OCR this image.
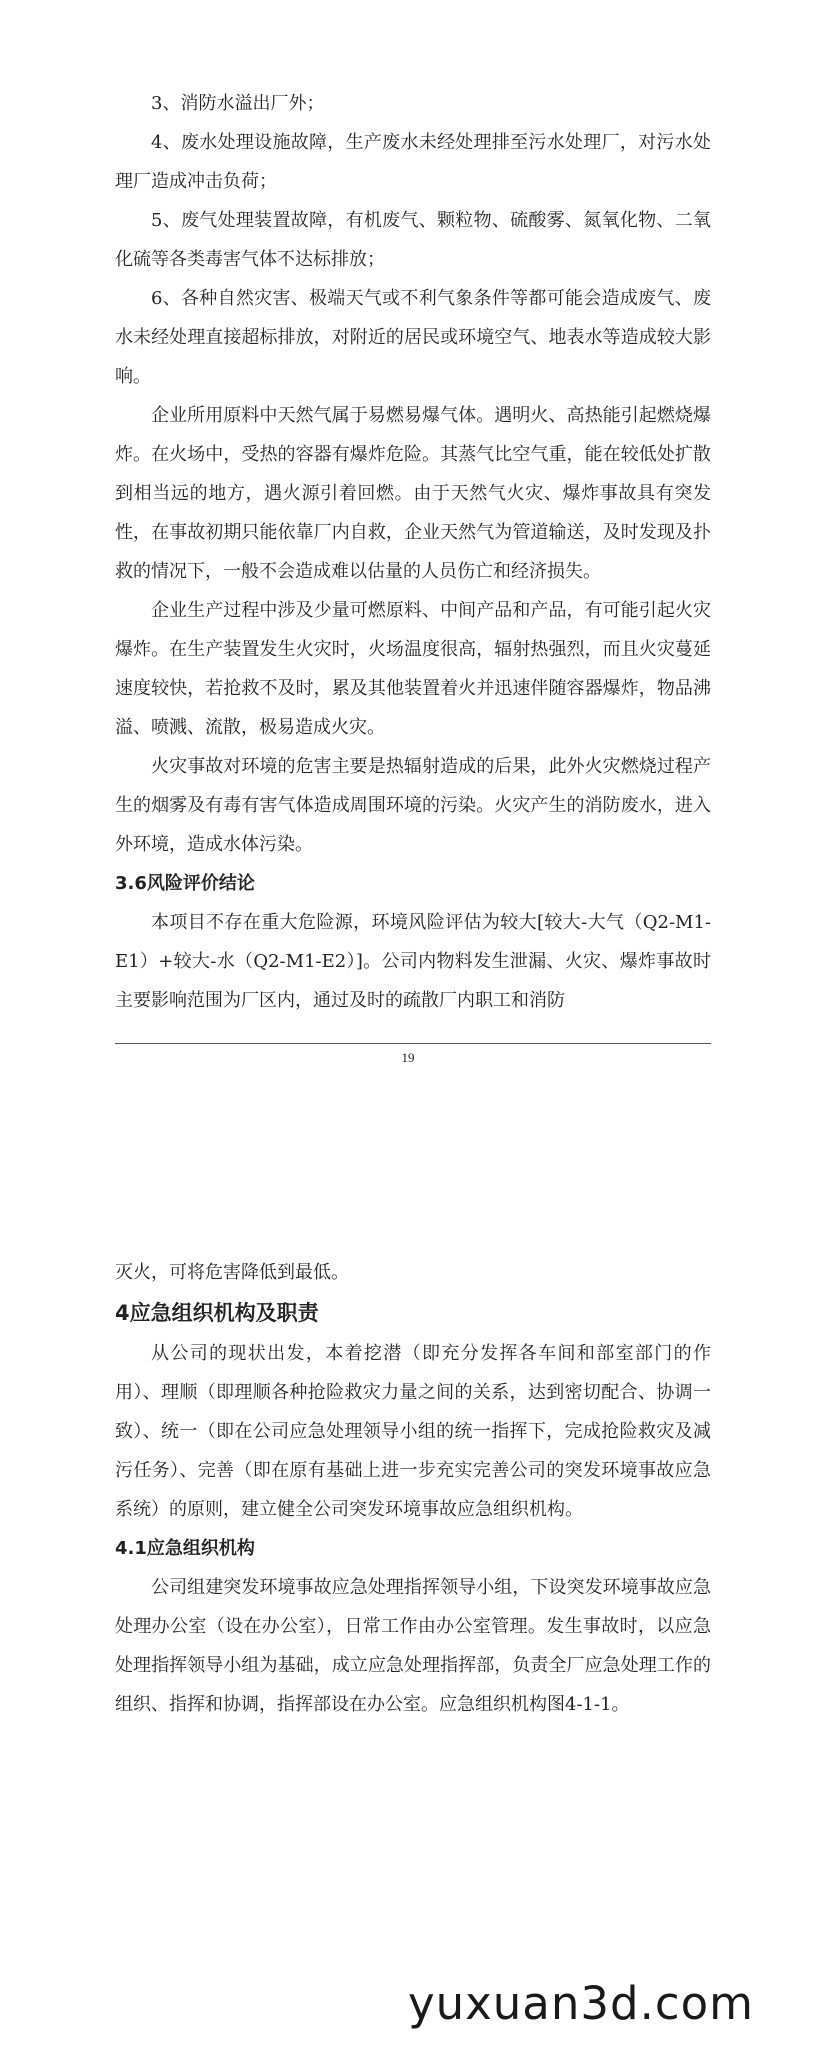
3、消防水溢出厂外；

4、废水处理设施故障，生产废水未经处理排至污水处理厂，对污水处理厂造成冲击负荷；

5、废气处理装置故障，有机废气、颗粒物、硫酸雾、氮氧化物、二氧化硫等各类毒害气体不达标排放；

6、各种自然灾害、极端天气或不利气象条件等都可能会造成废气、废水未经处理直接超标排放，对附近的居民或环境空气、地表水等造成较大影响。

企业所用原料中天然气属于易燃易爆气体。遇明火、高热能引起燃烧爆炸。在火场中，受热的容器有爆炸危险。其蒸气比空气重，能在较低处扩散到相当远的地方，遇火源引着回燃。由于天然气火灾、爆炸事故具有突发性，在事故初期只能依靠厂内自救，企业天然气为管道输送，及时发现及扑救的情况下，一般不会造成难以估量的人员伤亡和经济损失。

企业生产过程中涉及少量可燃原料、中间产品和产品，有可能引起火灾爆炸。在生产装置发生火灾时，火场温度很高，辐射热强烈，而且火灾蔓延速度较快，若抢救不及时，累及其他装置着火并迅速伴随容器爆炸，物品沸溢、喷溅、流散，极易造成火灾。

火灾事故对环境的危害主要是热辐射造成的后果，此外火灾燃烧过程产生的烟雾及有毒有害气体造成周围环境的污染。火灾产生的消防废水，进入外环境，造成水体污染。

3.6风险评价结论

本项目不存在重大危险源，环境风险评估为较大[较大-大气（Q2-M1-E1）+较大-水（Q2-M1-E2）]。公司内物料发生泄漏、火灾、爆炸事故时主要影响范围为厂区内，通过及时的疏散厂内职工和消防

19

灭火，可将危害降低到最低。

4应急组织机构及职责

从公司的现状出发，本着挖潜（即充分发挥各车间和部室部门的作用）、理顺（即理顺各种抢险救灾力量之间的关系，达到密切配合、协调一致）、统一（即在公司应急处理领导小组的统一指挥下，完成抢险救灾及减污任务）、完善（即在原有基础上进一步充实完善公司的突发环境事故应急系统）的原则，建立健全公司突发环境事故应急组织机构。

4.1应急组织机构

公司组建突发环境事故应急处理指挥领导小组，下设突发环境事故应急处理办公室（设在办公室），日常工作由办公室管理。发生事故时，以应急处理指挥领导小组为基础，成立应急处理指挥部，负责全厂应急处理工作的组织、指挥和协调，指挥部设在办公室。应急组织机构图4-1-1。

yuxuan3d.com
